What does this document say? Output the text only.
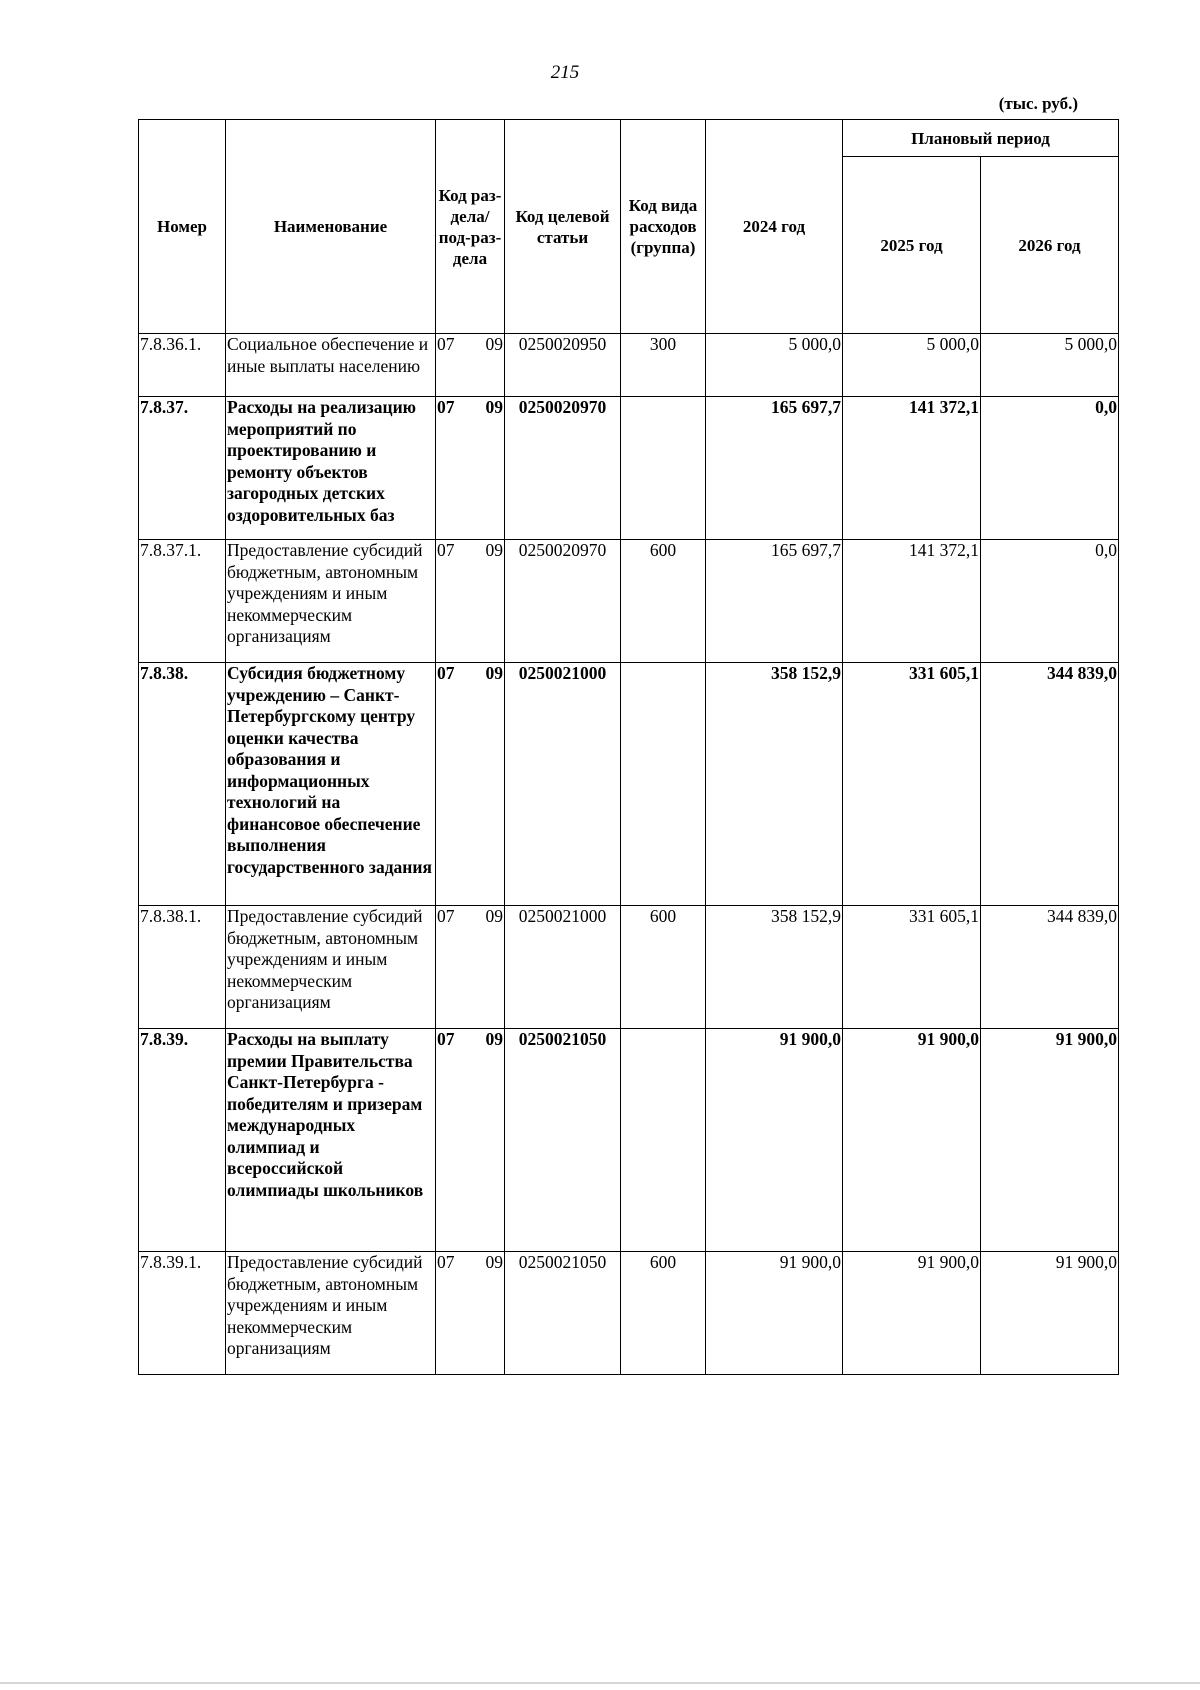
215
(тыс. руб.)
Номер	Наименование	Код раз-дела/ под-раз-дела	Код целевой статьи	Код вида расходов (группа)	2024 год	Плановый период	
						2025 год	2026 год
7.8.36.1.	Социальное обеспечение и иные выплаты населению	07 09	0250020950	300	5 000,0	5 000,0	5 000,0
7.8.37.	Расходы на реализацию мероприятий по проектированию и ремонту объектов загородных детских оздоровительных баз	07 09	0250020970		165 697,7	141 372,1	0,0
7.8.37.1.	Предоставление субсидий бюджетным, автономным учреждениям и иным некоммерческим организациям	07 09	0250020970	600	165 697,7	141 372,1	0,0
7.8.38.	Субсидия бюджетному учреждению – Санкт-Петербургскому центру оценки качества образования и информационных технологий на финансовое обеспечение выполнения государственного задания	07 09	0250021000		358 152,9	331 605,1	344 839,0
7.8.38.1.	Предоставление субсидий бюджетным, автономным учреждениям и иным некоммерческим организациям	07 09	0250021000	600	358 152,9	331 605,1	344 839,0
7.8.39.	Расходы на выплату премии Правительства Санкт-Петербурга - победителям и призерам международных олимпиад и всероссийской олимпиады школьников	07 09	0250021050		91 900,0	91 900,0	91 900,0
7.8.39.1.	Предоставление субсидий бюджетным, автономным учреждениям и иным некоммерческим организациям	07 09	0250021050	600	91 900,0	91 900,0	91 900,0
